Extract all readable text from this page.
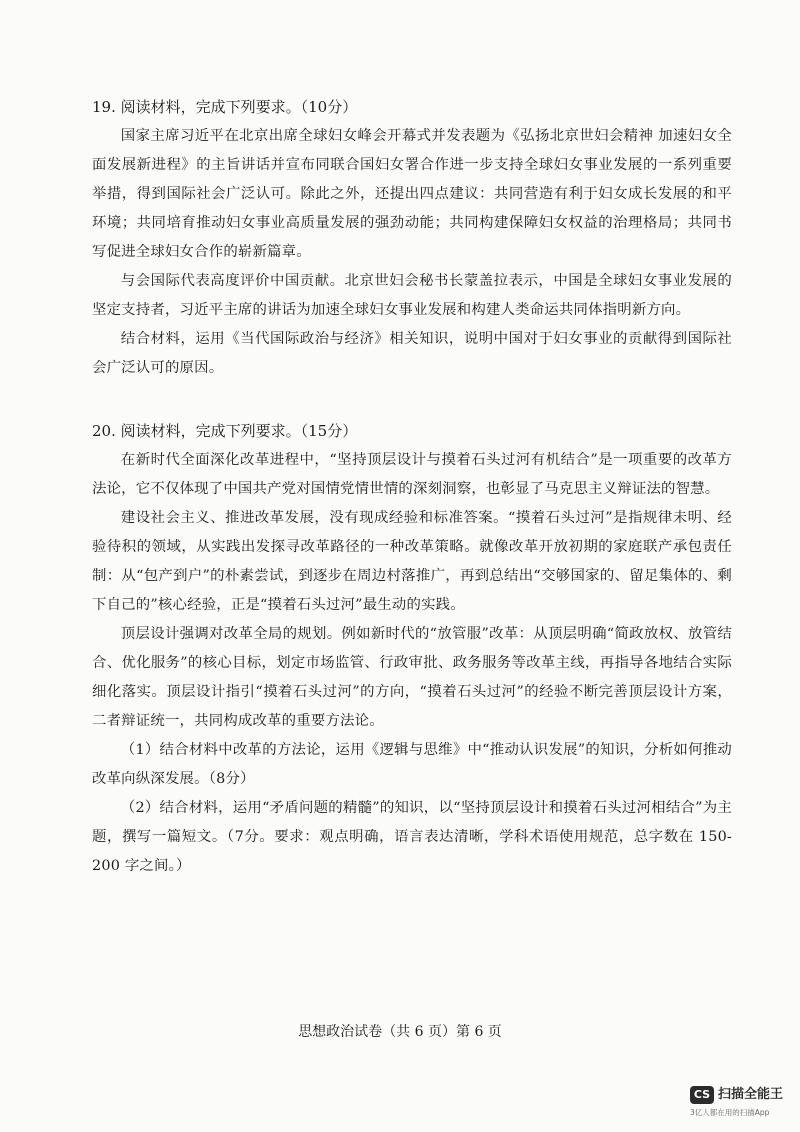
19. 阅读材料，完成下列要求。（10分）

国家主席习近平在北京出席全球妇女峰会开幕式并发表题为《弘扬北京世妇会精神 加速妇女全面发展新进程》的主旨讲话并宣布同联合国妇女署合作进一步支持全球妇女事业发展的一系列重要举措，得到国际社会广泛认可。除此之外，还提出四点建议：共同营造有利于妇女成长发展的和平环境；共同培育推动妇女事业高质量发展的强劲动能；共同构建保障妇女权益的治理格局；共同书写促进全球妇女合作的崭新篇章。

与会国际代表高度评价中国贡献。北京世妇会秘书长蒙盖拉表示，中国是全球妇女事业发展的坚定支持者，习近平主席的讲话为加速全球妇女事业发展和构建人类命运共同体指明新方向。

结合材料，运用《当代国际政治与经济》相关知识，说明中国对于妇女事业的贡献得到国际社会广泛认可的原因。

20. 阅读材料，完成下列要求。（15分）

在新时代全面深化改革进程中，“坚持顶层设计与摸着石头过河有机结合”是一项重要的改革方法论，它不仅体现了中国共产党对国情党情世情的深刻洞察，也彰显了马克思主义辩证法的智慧。

建设社会主义、推进改革发展，没有现成经验和标准答案。“摸着石头过河”是指规律未明、经验待积的领域，从实践出发探寻改革路径的一种改革策略。就像改革开放初期的家庭联产承包责任制：从“包产到户”的朴素尝试，到逐步在周边村落推广，再到总结出“交够国家的、留足集体的、剩下自己的”核心经验，正是“摸着石头过河”最生动的实践。

顶层设计强调对改革全局的规划。例如新时代的“放管服”改革：从顶层明确“简政放权、放管结合、优化服务”的核心目标，划定市场监管、行政审批、政务服务等改革主线，再指导各地结合实际细化落实。顶层设计指引“摸着石头过河”的方向，“摸着石头过河”的经验不断完善顶层设计方案，二者辩证统一，共同构成改革的重要方法论。

（1）结合材料中改革的方法论，运用《逻辑与思维》中“推动认识发展”的知识，分析如何推动改革向纵深发展。（8分）

（2）结合材料，运用“矛盾问题的精髓”的知识，以“坚持顶层设计和摸着石头过河相结合”为主题，撰写一篇短文。（7分。要求：观点明确，语言表达清晰，学科术语使用规范，总字数在 150-200 字之间。）

思想政治试卷（共 6 页）第 6 页
CS 扫描全能王
3亿人都在用的扫描App
